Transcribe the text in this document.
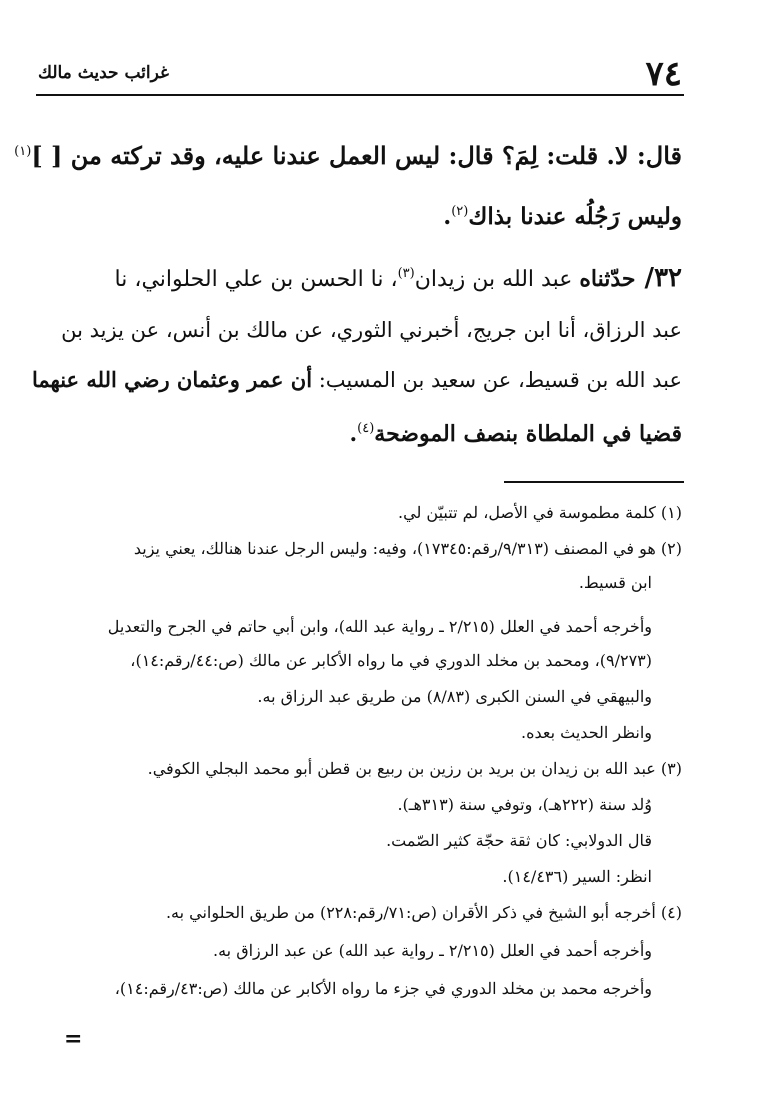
٧٤
غرائب حديث مالك
قال: لا. قلت: لِمَ؟ قال: ليس العمل عندنا عليه، وقد تركته من [ ]$^{(١)}$
وليس رَجُلُه عندنا بذاك$^{(٢)}$.
٣٢/ حدّثناه عبد الله بن زيدان$^{(٣)}$، نا الحسن بن علي الحلواني، نا
عبد الرزاق، أنا ابن جريج، أخبرني الثوري، عن مالك بن أنس، عن يزيد بن
عبد الله بن قسيط، عن سعيد بن المسيب: أن عمر وعثمان رضي الله عنهما
قضيا في الملطاة بنصف الموضحة$^{(٤)}$.
(١) كلمة مطموسة في الأصل، لم تتبيّن لي.
(٢) هو في المصنف (٩/٣١٣/رقم:١٧٣٤٥)، وفيه: وليس الرجل عندنا هنالك، يعني يزيد
ابن قسيط.
وأخرجه أحمد في العلل (٢/٢١٥ ـ رواية عبد الله)، وابن أبي حاتم في الجرح والتعديل
(٩/٢٧٣)، ومحمد بن مخلد الدوري في ما رواه الأكابر عن مالك (ص:٤٤/رقم:١٤)،
والبيهقي في السنن الكبرى (٨/٨٣) من طريق عبد الرزاق به.
وانظر الحديث بعده.
(٣) عبد الله بن زيدان بن بريد بن رزين بن ربيع بن قطن أبو محمد البجلي الكوفي.
وُلد سنة (٢٢٢هـ)، وتوفي سنة (٣١٣هـ).
قال الدولابي: كان ثقة حجّة كثير الصّمت.
انظر: السير (١٤/٤٣٦).
(٤) أخرجه أبو الشيخ في ذكر الأقران (ص:٧١/رقم:٢٢٨) من طريق الحلواني به.
وأخرجه أحمد في العلل (٢/٢١٥ ـ رواية عبد الله) عن عبد الرزاق به.
وأخرجه محمد بن مخلد الدوري في جزء ما رواه الأكابر عن مالك (ص:٤٣/رقم:١٤)،
=
